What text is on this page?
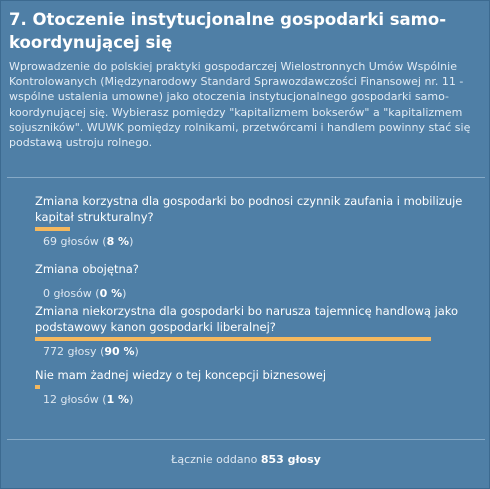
7. Otoczenie instytucjonalne gospodarki samo-koordynującej się
Wprowadzenie do polskiej praktyki gospodarczej Wielostronnych Umów Wspólnie Kontrolowanych (Międzynarodowy Standard Sprawozdawczości Finansowej nr. 11 - wspólne ustalenia umowne) jako otoczenia instytucjonalnego gospodarki samo-koordynującej się. Wybierasz pomiędzy "kapitalizmem bokserów" a "kapitalizmem sojuszników". WUWK pomiędzy rolnikami, przetwórcami i handlem powinny stać się podstawą ustroju rolnego.
Zmiana korzystna dla gospodarki bo podnosi czynnik zaufania i mobilizuje kapitał strukturalny?
69 głosów (8 %)
Zmiana obojętna?
0 głosów (0 %)
Zmiana niekorzystna dla gospodarki bo narusza tajemnicę handlową jako podstawowy kanon gospodarki liberalnej?
772 głosy (90 %)
Nie mam żadnej wiedzy o tej koncepcji biznesowej
12 głosów (1 %)
Łącznie oddano 853 głosy
